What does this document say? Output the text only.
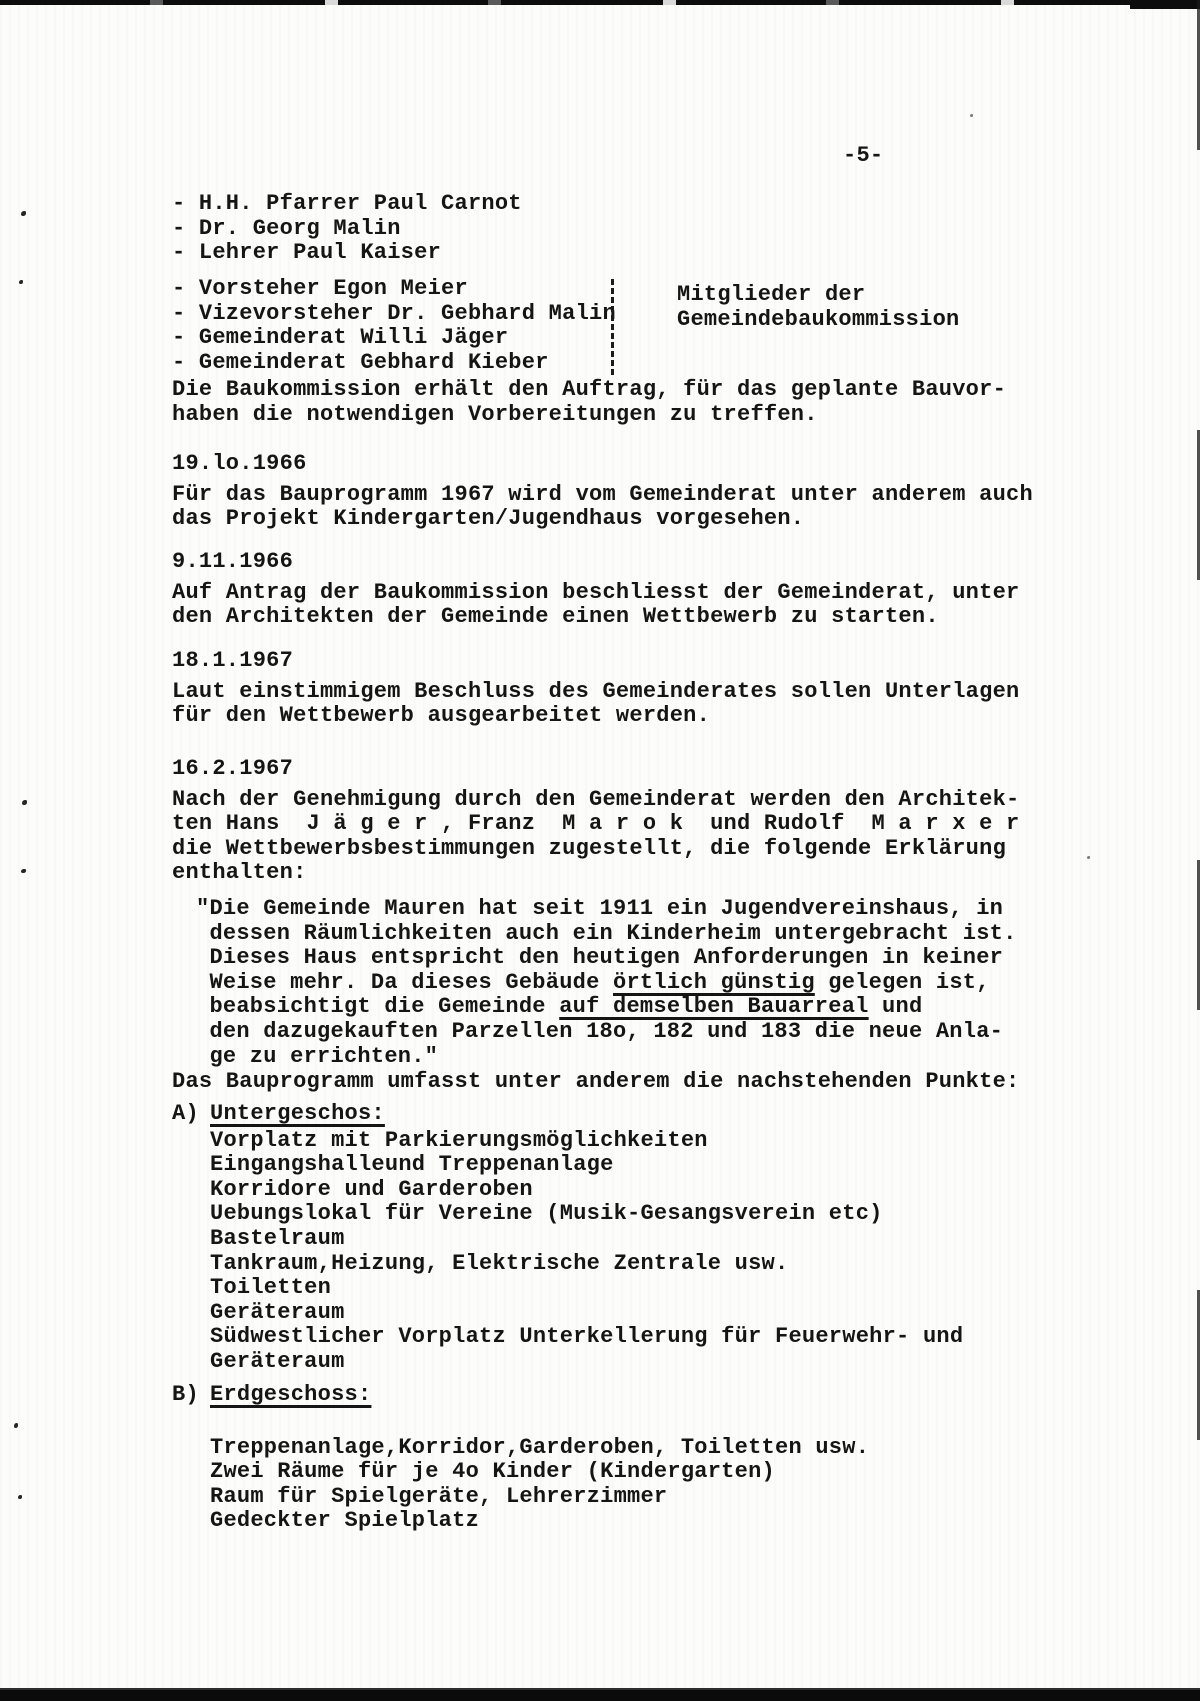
-5-
- H.H. Pfarrer Paul Carnot
- Dr. Georg Malin
- Lehrer Paul Kaiser
- Vorsteher Egon Meier
- Vizevorsteher Dr. Gebhard Malin
- Gemeinderat Willi Jäger
- Gemeinderat Gebhard Kieber
Mitglieder der
Gemeindebaukommission
Die Baukommission erhält den Auftrag, für das geplante Bauvor-
haben die notwendigen Vorbereitungen zu treffen.
19.lo.1966
Für das Bauprogramm 1967 wird vom Gemeinderat unter anderem auch
das Projekt Kindergarten/Jugendhaus vorgesehen.
9.11.1966
Auf Antrag der Baukommission beschliesst der Gemeinderat, unter
den Architekten der Gemeinde einen Wettbewerb zu starten.
18.1.1967
Laut einstimmigem Beschluss des Gemeinderates sollen Unterlagen
für den Wettbewerb ausgearbeitet werden.
16.2.1967
Nach der Genehmigung durch den Gemeinderat werden den Architek-
ten Hans  J ä g e r , Franz  M a r o k  und Rudolf  M a r x e r
die Wettbewerbsbestimmungen zugestellt, die folgende Erklärung
enthalten:
"Die Gemeinde Mauren hat seit 1911 ein Jugendvereinshaus, in
dessen Räumlichkeiten auch ein Kinderheim untergebracht ist.
Dieses Haus entspricht den heutigen Anforderungen in keiner
Weise mehr. Da dieses Gebäude örtlich günstig gelegen ist,
beabsichtigt die Gemeinde auf demselben Bauarreal und
den dazugekauften Parzellen 18o, 182 und 183 die neue Anla-
ge zu errichten."
Das Bauprogramm umfasst unter anderem die nachstehenden Punkte:
A) Untergeschos:
Vorplatz mit Parkierungsmöglichkeiten
Eingangshalleund Treppenanlage
Korridore und Garderoben
Uebungslokal für Vereine (Musik-Gesangsverein etc)
Bastelraum
Tankraum,Heizung, Elektrische Zentrale usw.
Toiletten
Geräteraum
Südwestlicher Vorplatz Unterkellerung für Feuerwehr- und
Geräteraum
B) Erdgeschoss:
Treppenanlage,Korridor,Garderoben, Toiletten usw.
Zwei Räume für je 4o Kinder (Kindergarten)
Raum für Spielgeräte, Lehrerzimmer
Gedeckter Spielplatz
